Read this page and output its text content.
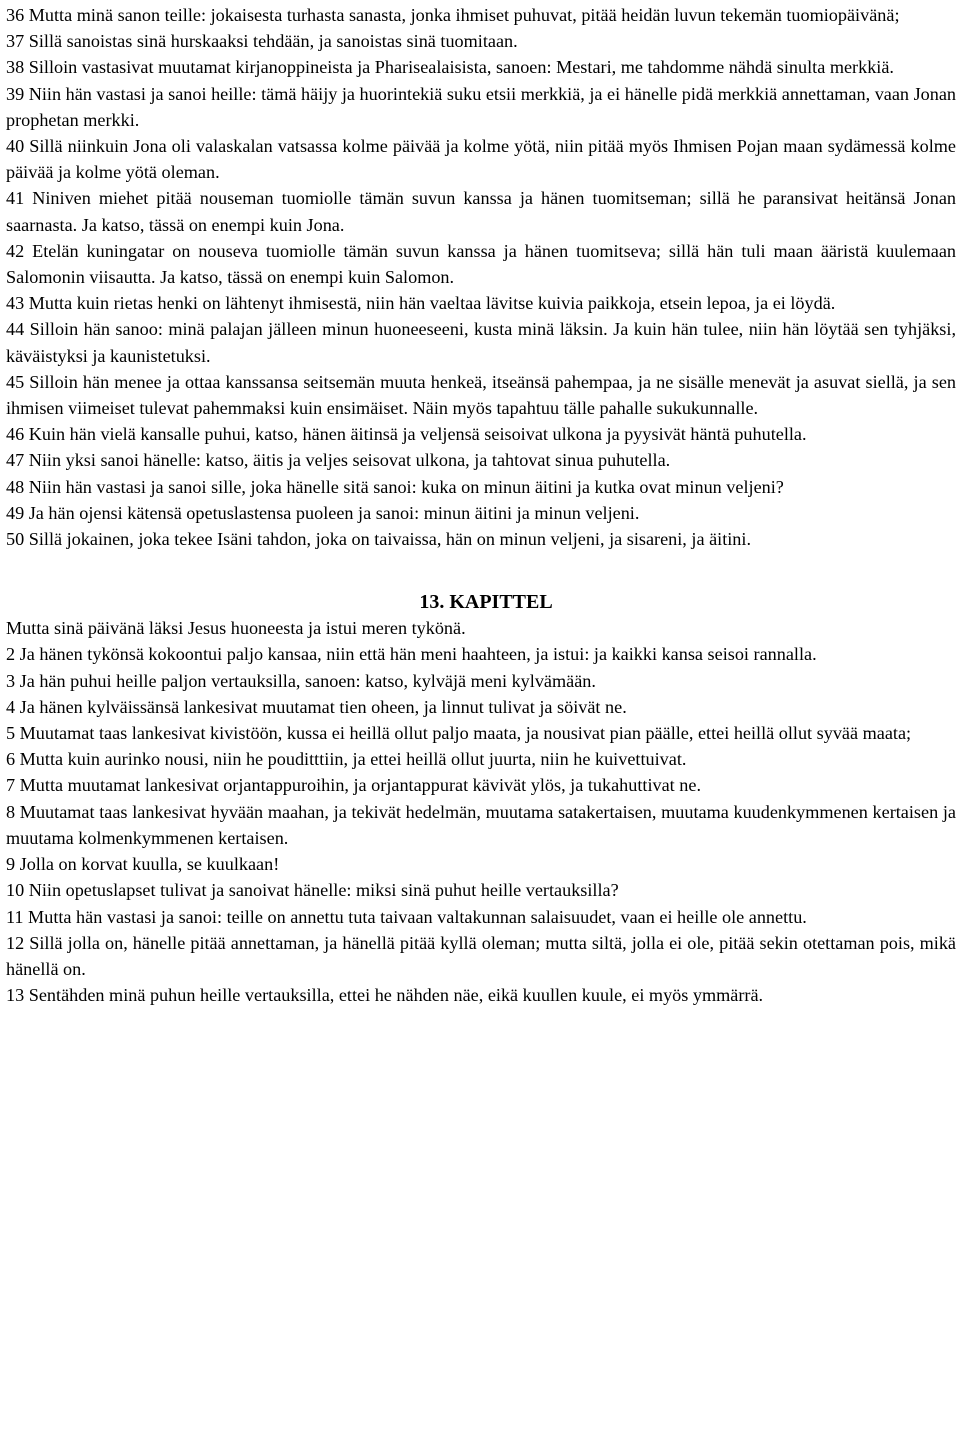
36 Mutta minä sanon teille: jokaisesta turhasta sanasta, jonka ihmiset puhuvat, pitää heidän luvun tekemän tuomiopäivänä;

37 Sillä sanoistas sinä hurskaaksi tehdään, ja sanoistas sinä tuomitaan.

38 Silloin vastasivat muutamat kirjanoppineista ja Pharisealaisista, sanoen: Mestari, me tahdomme nähdä sinulta merkkiä.

39 Niin hän vastasi ja sanoi heille: tämä häijy ja huorintekiä suku etsii merkkiä, ja ei hänelle pidä merkkiä annettaman, vaan Jonan prophetan merkki.

40 Sillä niinkuin Jona oli valaskalan vatsassa kolme päivää ja kolme yötä, niin pitää myös Ihmisen Pojan maan sydämessä kolme päivää ja kolme yötä oleman.

41 Niniven miehet pitää nouseman tuomiolle tämän suvun kanssa ja hänen tuomitseman; sillä he paransivat heitänsä Jonan saarnasta. Ja katso, tässä on enempi kuin Jona.

42 Etelän kuningatar on nouseva tuomiolle tämän suvun kanssa ja hänen tuomitseva; sillä hän tuli maan ääristä kuulemaan Salomonin viisautta. Ja katso, tässä on enempi kuin Salomon.

43 Mutta kuin rietas henki on lähtenyt ihmisestä, niin hän vaeltaa lävitse kuivia paikkoja, etsein lepoa, ja ei löydä.

44 Silloin hän sanoo: minä palajan jälleen minun huoneeseeni, kusta minä läksin. Ja kuin hän tulee, niin hän löytää sen tyhjäksi, käväistyksi ja kaunistetuksi.

45 Silloin hän menee ja ottaa kanssansa seitsemän muuta henkeä, itseänsä pahempaa, ja ne sisälle menevät ja asuvat siellä, ja sen ihmisen viimeiset tulevat pahemmaksi kuin ensimäiset. Näin myös tapahtuu tälle pahalle sukukunnalle.

46 Kuin hän vielä kansalle puhui, katso, hänen äitinsä ja veljensä seisoivat ulkona ja pyysivät häntä puhutella.

47 Niin yksi sanoi hänelle: katso, äitis ja veljes seisovat ulkona, ja tahtovat sinua puhutella.

48 Niin hän vastasi ja sanoi sille, joka hänelle sitä sanoi: kuka on minun äitini ja kutka ovat minun veljeni?

49 Ja hän ojensi kätensä opetuslastensa puoleen ja sanoi: minun äitini ja minun veljeni.

50 Sillä jokainen, joka tekee Isäni tahdon, joka on taivaissa, hän on minun veljeni, ja sisareni, ja äitini.

13. KAPITTEL

Mutta sinä päivänä läksi Jesus huoneesta ja istui meren tykönä.

2 Ja hänen tykönsä kokoontui paljo kansaa, niin että hän meni haahteen, ja istui: ja kaikki kansa seisoi rannalla.

3 Ja hän puhui heille paljon vertauksilla, sanoen: katso, kylväjä meni kylvämään.

4 Ja hänen kylväissänsä lankesivat muutamat tien oheen, ja linnut tulivat ja söivät ne.

5 Muutamat taas lankesivat kivistöön, kussa ei heillä ollut paljo maata, ja nousivat pian päälle, ettei heillä ollut syvää maata;

6 Mutta kuin aurinko nousi, niin he pouditttiin, ja ettei heillä ollut juurta, niin he kuivettuivat.

7 Mutta muutamat lankesivat orjantappuroihin, ja orjantappurat kävivät ylös, ja tukahuttivat ne.

8 Muutamat taas lankesivat hyvään maahan, ja tekivät hedelmän, muutama satakertaisen, muutama kuudenkymmenen kertaisen ja muutama kolmenkymmenen kertaisen.

9 Jolla on korvat kuulla, se kuulkaan!

10 Niin opetuslapset tulivat ja sanoivat hänelle: miksi sinä puhut heille vertauksilla?

11 Mutta hän vastasi ja sanoi: teille on annettu tuta taivaan valtakunnan salaisuudet, vaan ei heille ole annettu.

12 Sillä jolla on, hänelle pitää annettaman, ja hänellä pitää kyllä oleman; mutta siltä, jolla ei ole, pitää sekin otettaman pois, mikä hänellä on.

13 Sentähden minä puhun heille vertauksilla, ettei he nähden näe, eikä kuullen kuule, ei myös ymmärrä.
